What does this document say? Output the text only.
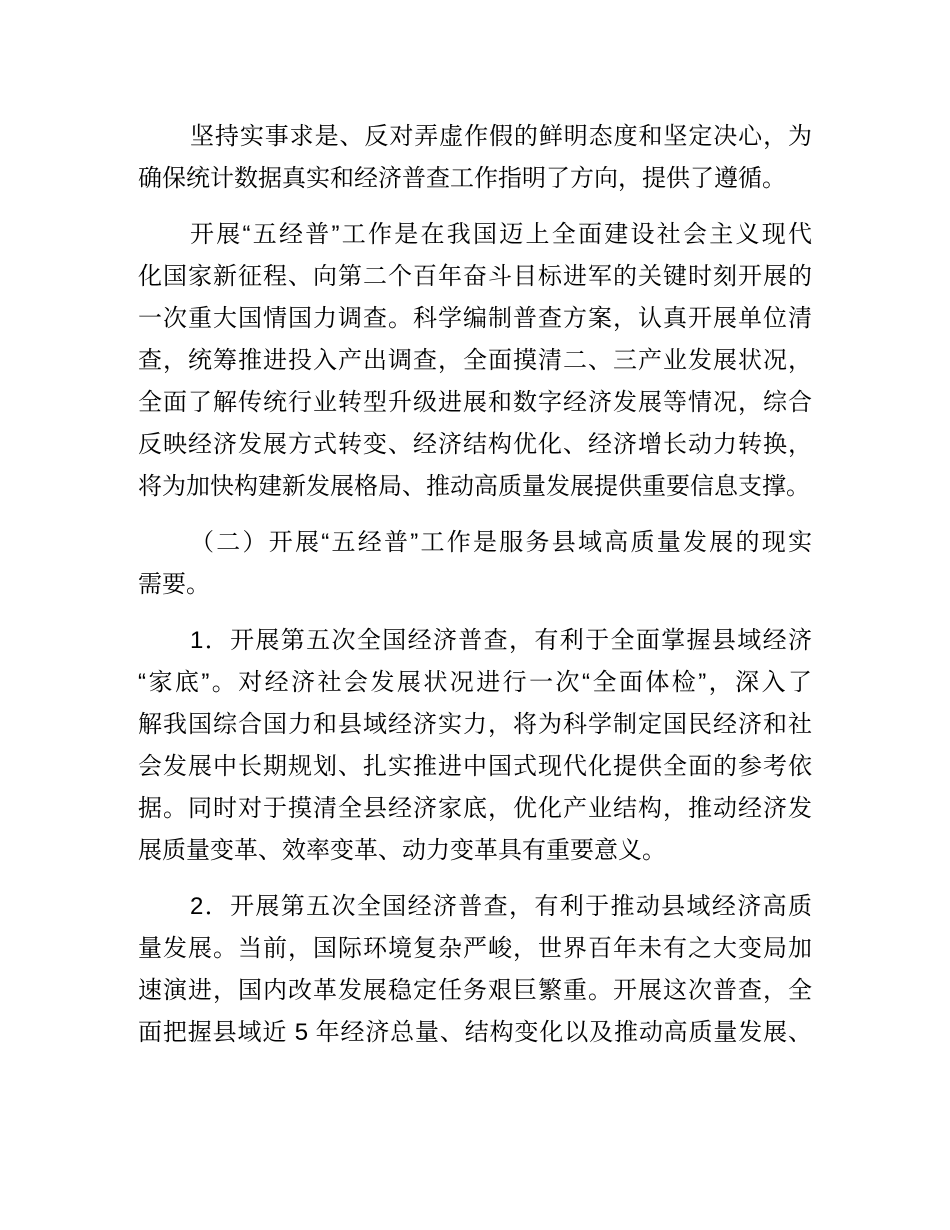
坚持实事求是、反对弄虚作假的鲜明态度和坚定决心，为
确保统计数据真实和经济普查工作指明了方向，提供了遵循。
开展“五经普”工作是在我国迈上全面建设社会主义现代
化国家新征程、向第二个百年奋斗目标进军的关键时刻开展的
一次重大国情国力调查。科学编制普查方案，认真开展单位清
查，统筹推进投入产出调查，全面摸清二、三产业发展状况，
全面了解传统行业转型升级进展和数字经济发展等情况，综合
反映经济发展方式转变、经济结构优化、经济增长动力转换，
将为加快构建新发展格局、推动高质量发展提供重要信息支撑。
（二）开展“五经普”工作是服务县域高质量发展的现实
需要。
1．开展第五次全国经济普查，有利于全面掌握县域经济
“家底”。对经济社会发展状况进行一次“全面体检”，深入了
解我国综合国力和县域经济实力，将为科学制定国民经济和社
会发展中长期规划、扎实推进中国式现代化提供全面的参考依
据。同时对于摸清全县经济家底，优化产业结构，推动经济发
展质量变革、效率变革、动力变革具有重要意义。
2．开展第五次全国经济普查，有利于推动县域经济高质
量发展。当前，国际环境复杂严峻，世界百年未有之大变局加
速演进，国内改革发展稳定任务艰巨繁重。开展这次普查，全
面把握县域近 5 年经济总量、结构变化以及推动高质量发展、
